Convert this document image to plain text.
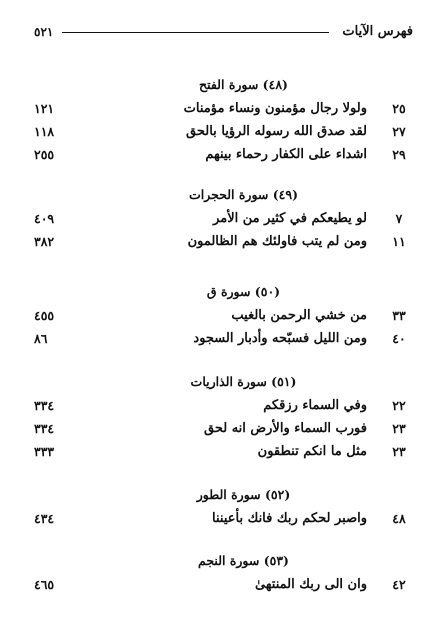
فهرس الآيات
٥٢١
(٤٨) سورة الفتح
٢٥
ولولا رجال مؤمنون ونساء مؤمنات
١٢١
٢٧
لقد صدق الله رسوله الرؤيا بالحق
١١٨
٢٩
اشداء على الكفار رحماء بينهم
٢٥٥
(٤٩) سورة الحجرات
٧
لو يطيعكم في كثير من الأمر
٤٠٩
١١
ومن لم يتب فاولئك هم الظالمون
٣٨٢
(٥٠) سورة ق
٣٣
من خشي الرحمن بالغيب
٤٥٥
٤٠
ومن الليل فسبّحه وأدبار السجود
٨٦
(٥١) سورة الذاريات
٢٢
وفي السماء رزقكم
٣٣٤
٢٣
فورب السماء والأرض انه لحق
٣٣٤
٢٣
مثل ما انكم تنطقون
٣٣٣
(٥٢) سورة الطور
٤٨
واصبر لحكم ربك فانك بأعيننا
٤٣٤
(٥٣) سورة النجم
٤٢
وان الى ربك المنتهىٰ
٤٦٥
